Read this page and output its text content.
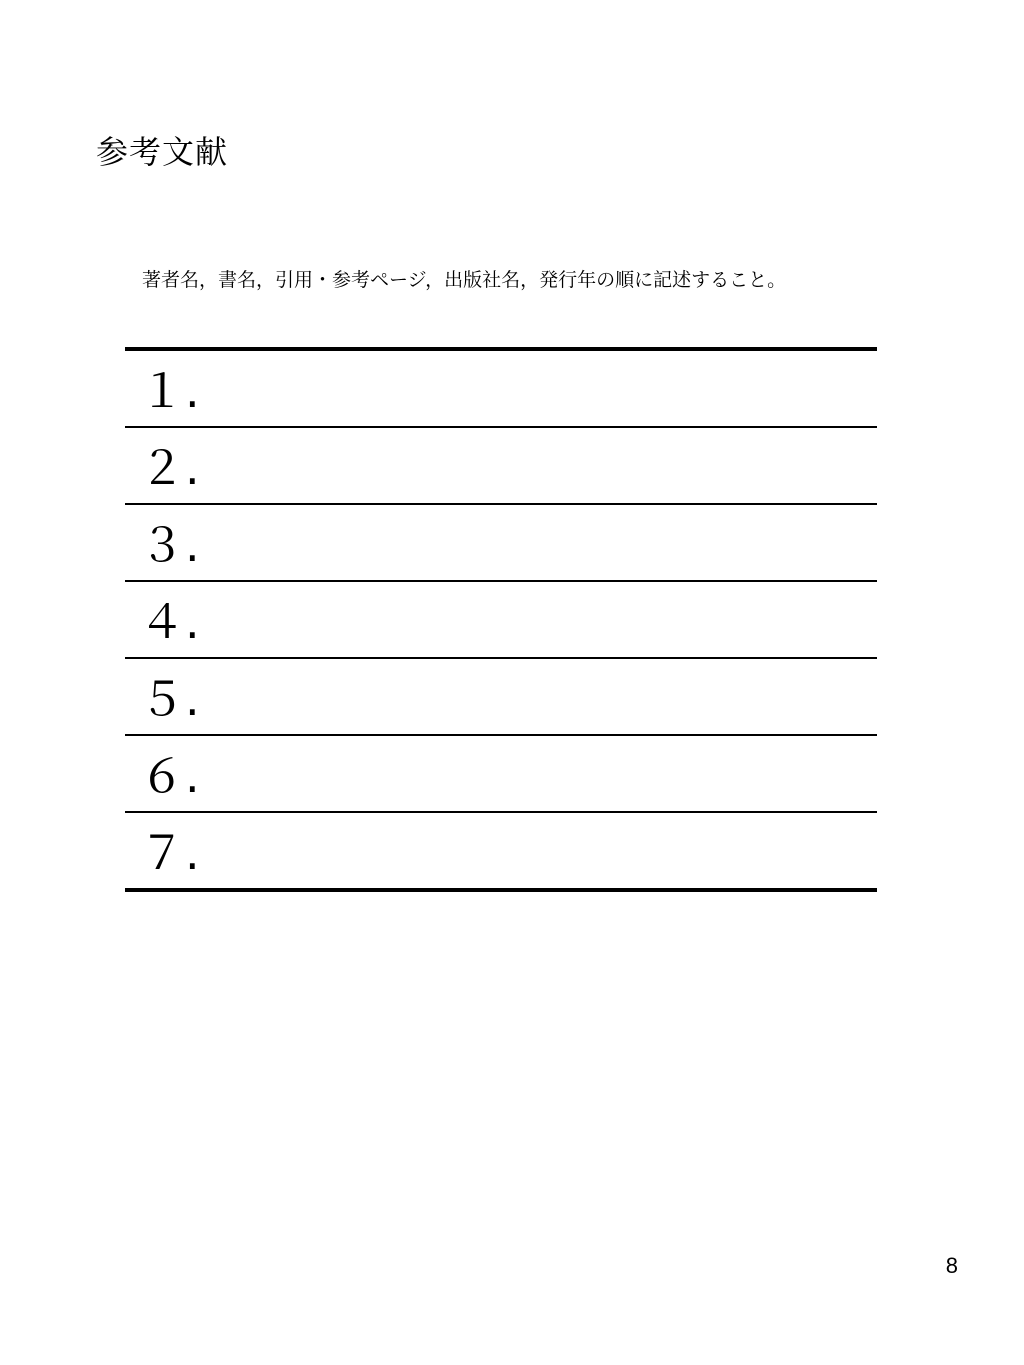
参考文献

著者名，書名，引用・参考ページ，出版社名，発行年の順に記述すること。

１.
２.
３.
４.
５.
６.
７.
8
